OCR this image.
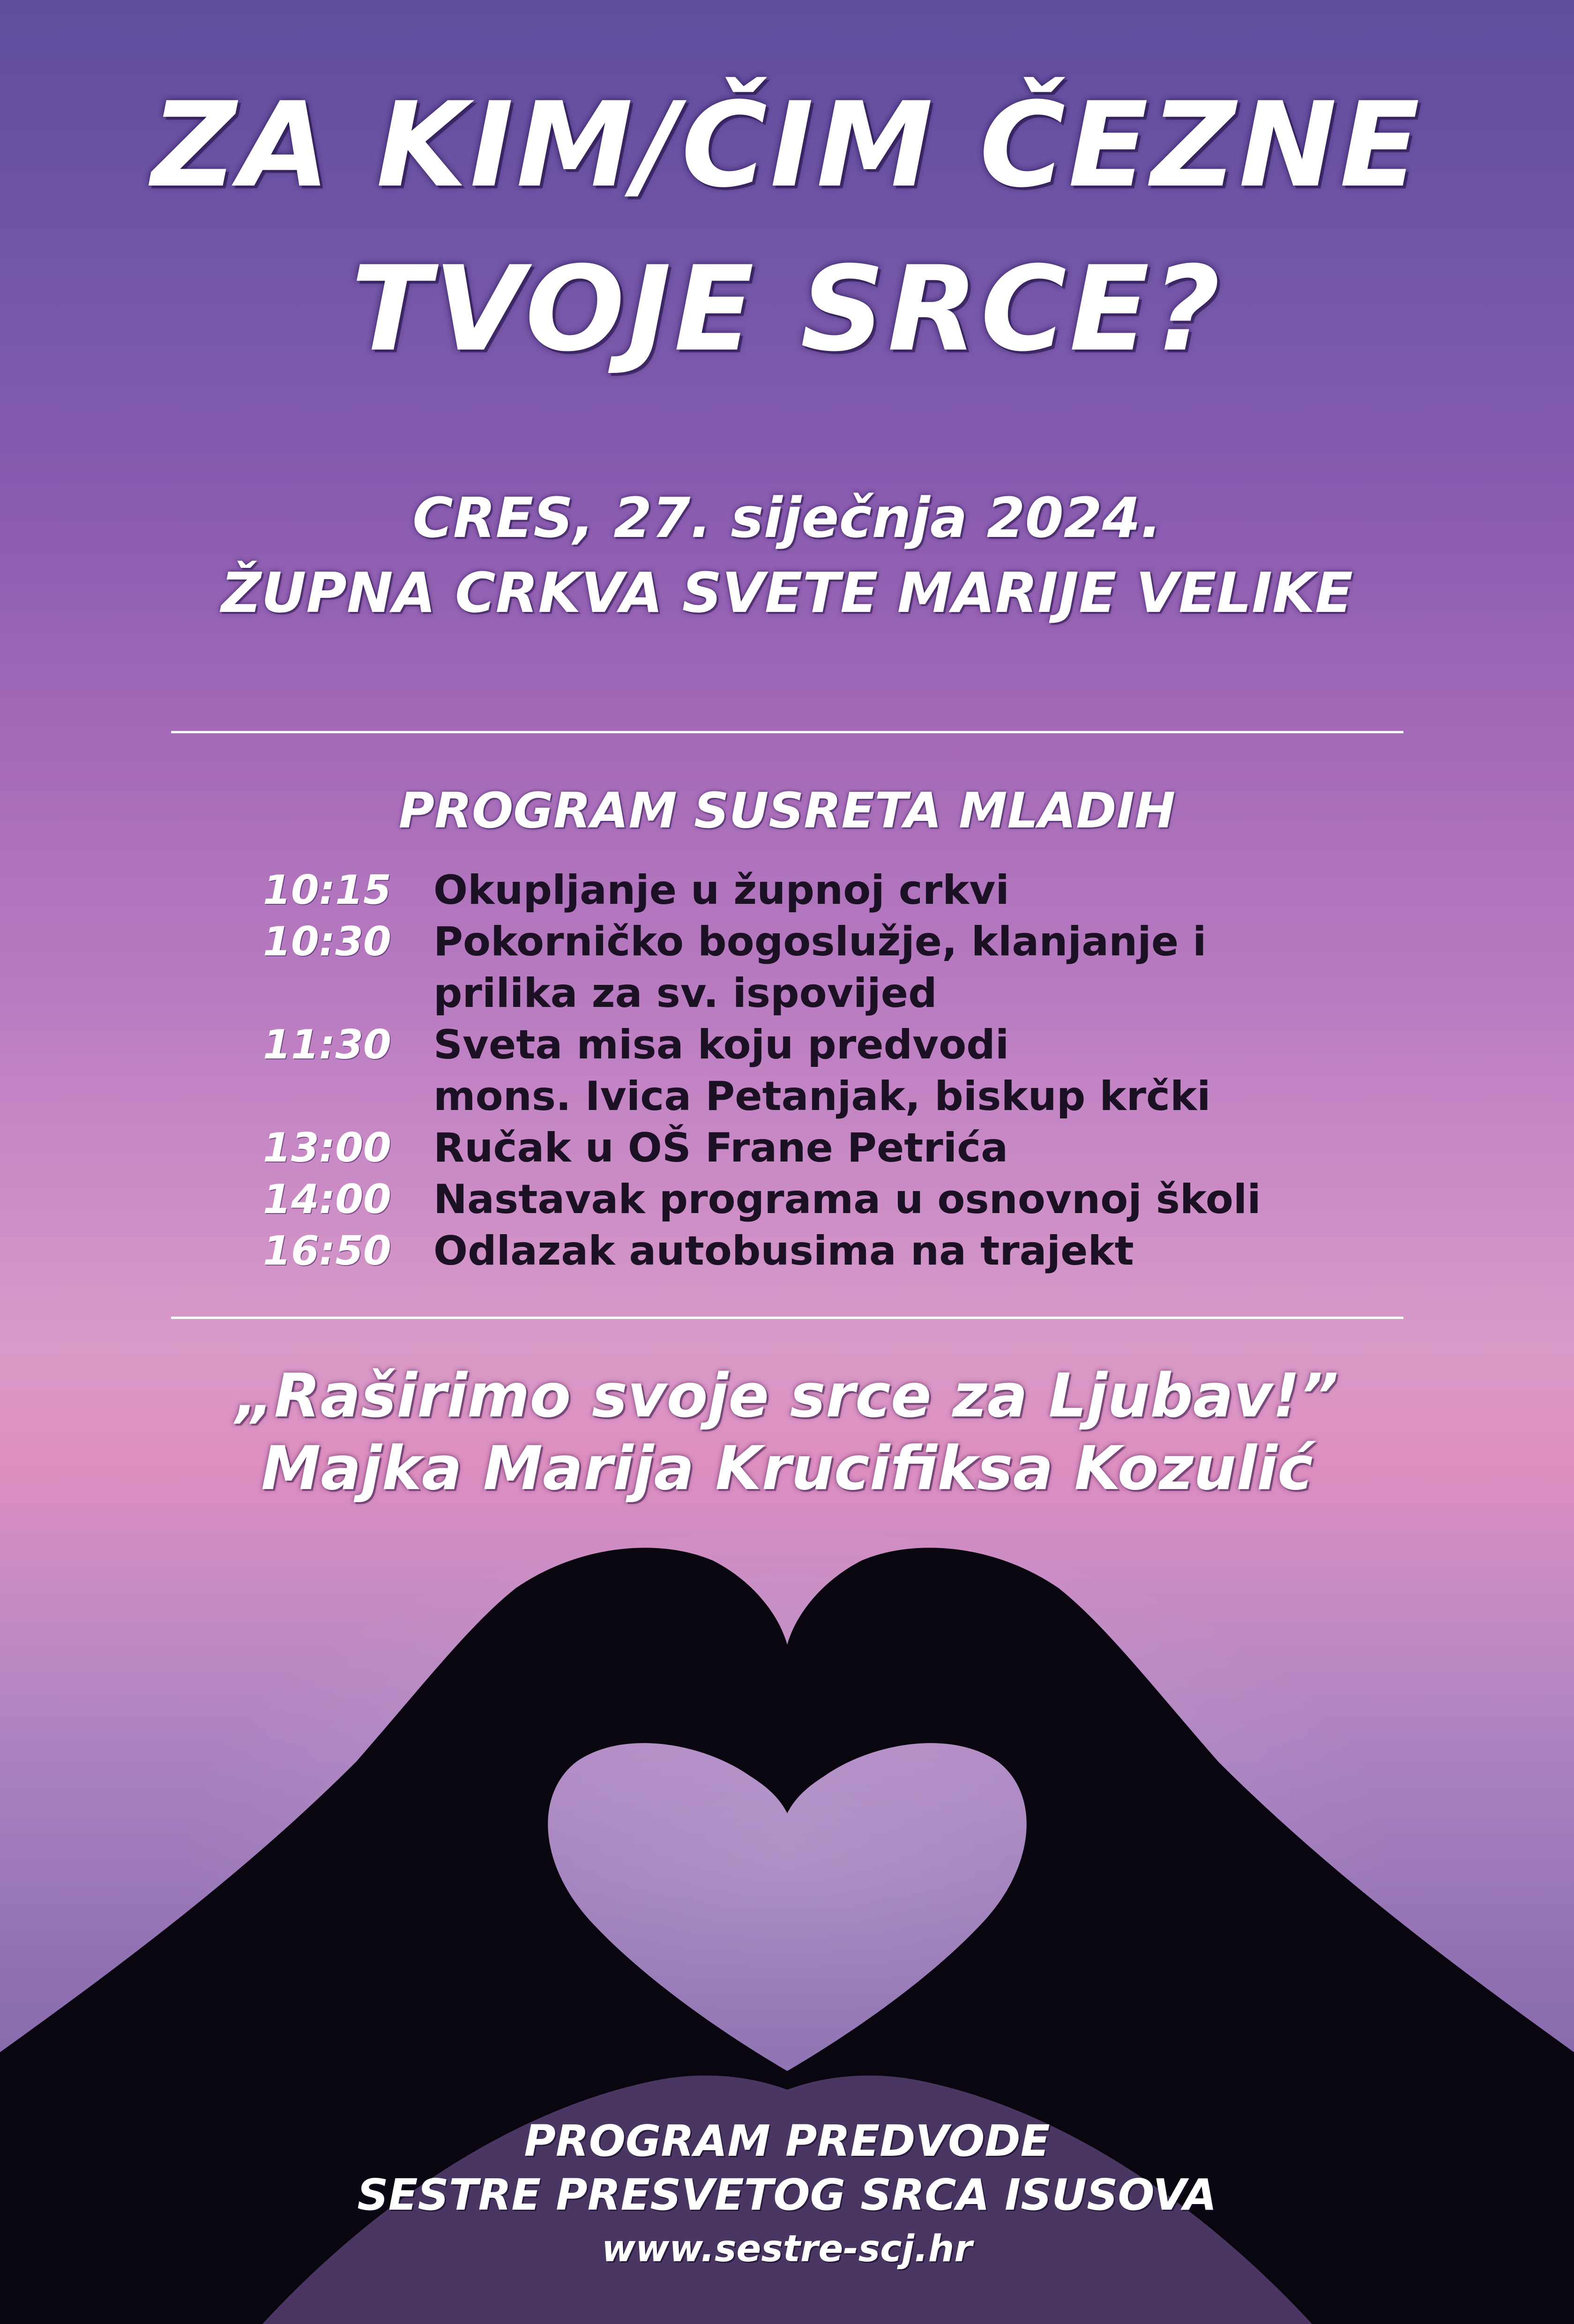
ZA KIM/ČIM ČEZNE
TVOJE SRCE?
CRES, 27. siječnja 2024.
ŽUPNA CRKVA SVETE MARIJE VELIKE
PROGRAM SUSRETA MLADIH
10:15 Okupljanje u župnoj crkvi
10:30 Pokorničko bogoslužje, klanjanje i
prilika za sv. ispovijed
11:30 Sveta misa koju predvodi
mons. Ivica Petanjak, biskup krčki
13:00 Ručak u OŠ Frane Petrića
14:00 Nastavak programa u osnovnoj školi
16:50 Odlazak autobusima na trajekt
„Raširimo svoje srce za Ljubav!”
Majka Marija Krucifiksa Kozulić
PROGRAM PREDVODE
SESTRE PRESVETOG SRCA ISUSOVA
www.sestre-scj.hr
